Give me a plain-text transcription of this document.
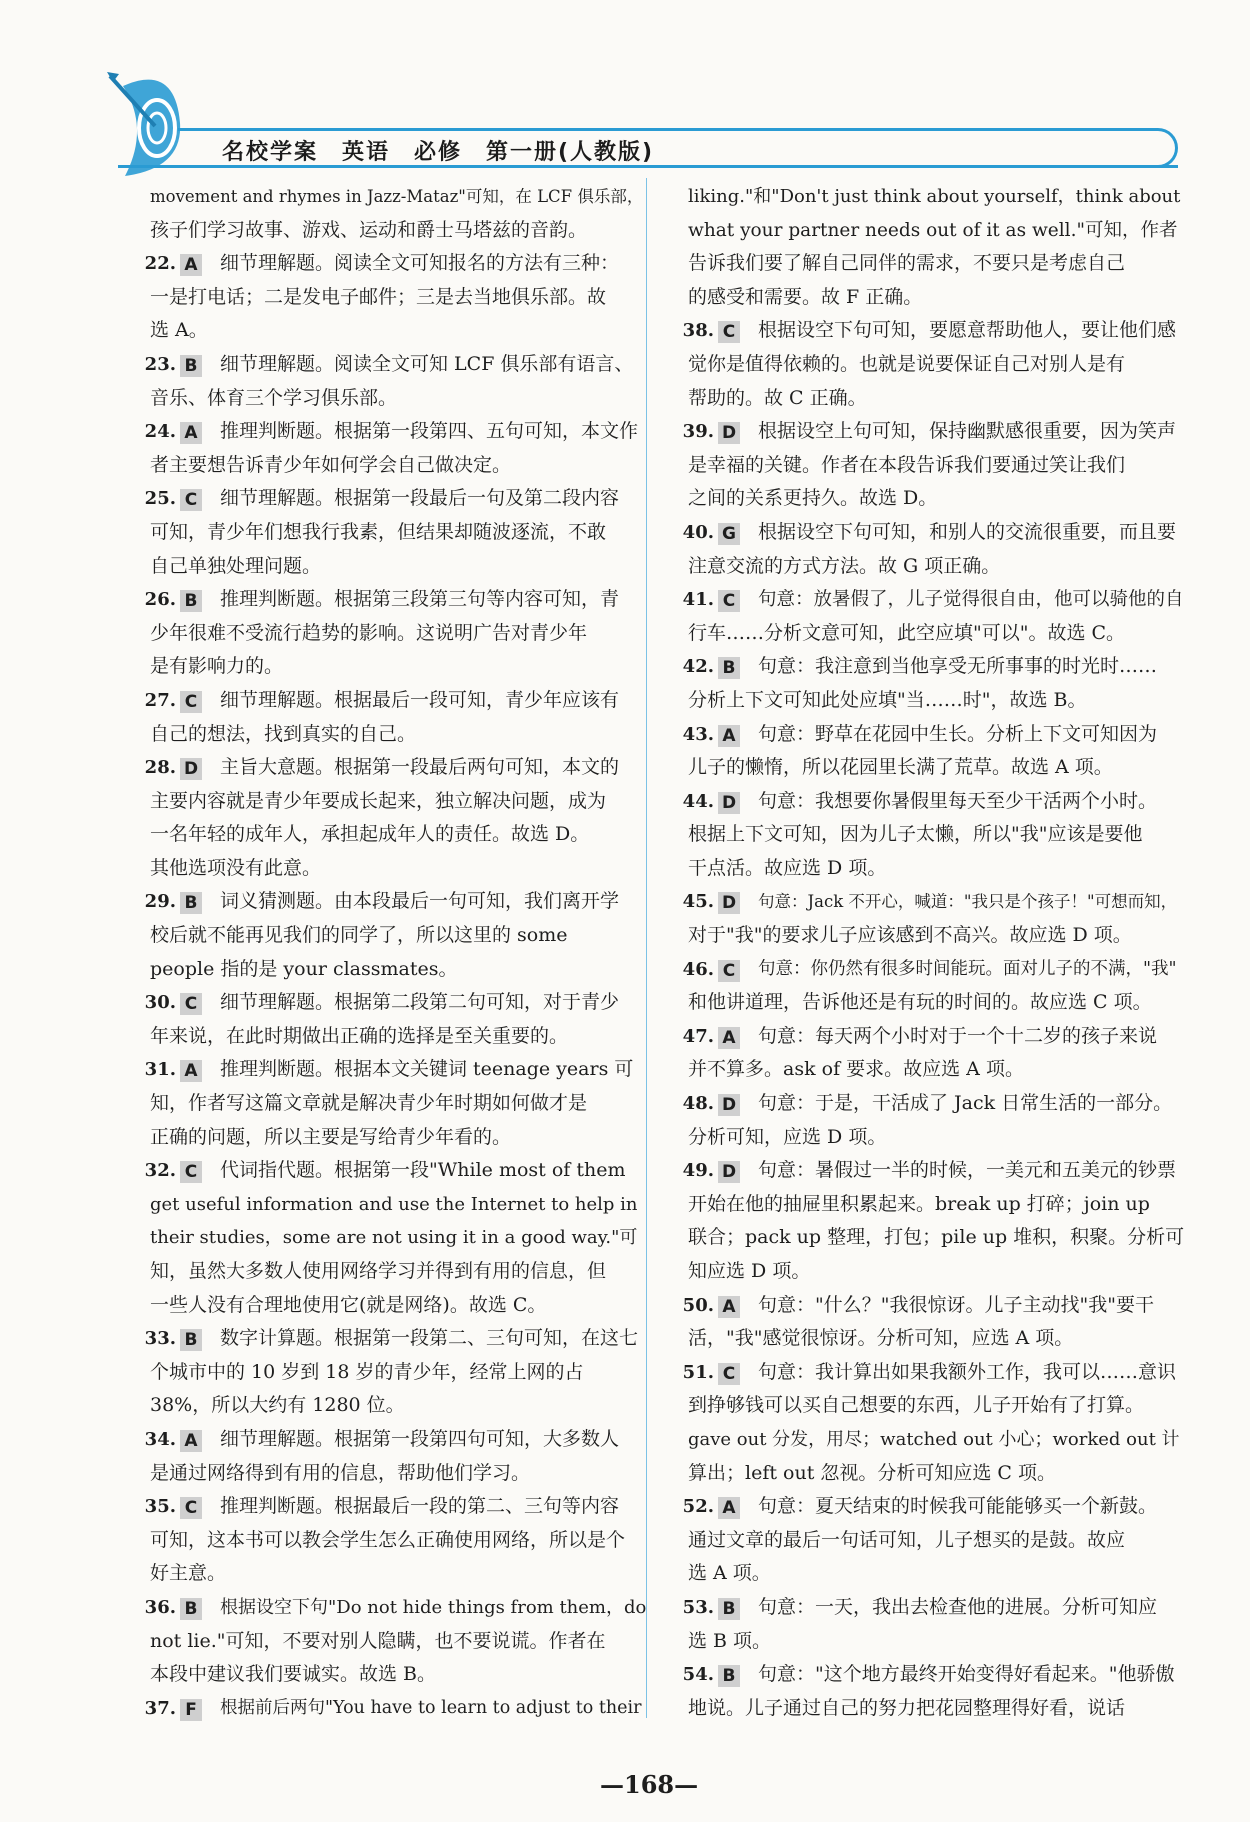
名校学案　英语　必修　第一册(人教版)
movement and rhymes in Jazz-Mataz"可知，在 LCF 俱乐部，
孩子们学习故事、游戏、运动和爵士马塔兹的音韵。
22. A	细节理解题。阅读全文可知报名的方法有三种：
一是打电话；二是发电子邮件；三是去当地俱乐部。故
选 A。
23. B	细节理解题。阅读全文可知 LCF 俱乐部有语言、
音乐、体育三个学习俱乐部。
24. A	推理判断题。根据第一段第四、五句可知，本文作
者主要想告诉青少年如何学会自己做决定。
25. C	细节理解题。根据第一段最后一句及第二段内容
可知，青少年们想我行我素，但结果却随波逐流，不敢
自己单独处理问题。
26. B	推理判断题。根据第三段第三句等内容可知，青
少年很难不受流行趋势的影响。这说明广告对青少年
是有影响力的。
27. C	细节理解题。根据最后一段可知，青少年应该有
自己的想法，找到真实的自己。
28. D	主旨大意题。根据第一段最后两句可知，本文的
主要内容就是青少年要成长起来，独立解决问题，成为
一名年轻的成年人，承担起成年人的责任。故选 D。
其他选项没有此意。
29. B	词义猜测题。由本段最后一句可知，我们离开学
校后就不能再见我们的同学了，所以这里的 some
people 指的是 your classmates。
30. C	细节理解题。根据第二段第二句可知，对于青少
年来说，在此时期做出正确的选择是至关重要的。
31. A	推理判断题。根据本文关键词 teenage years 可
知，作者写这篇文章就是解决青少年时期如何做才是
正确的问题，所以主要是写给青少年看的。
32. C	代词指代题。根据第一段"While most of them
get useful information and use the Internet to help in
their studies，some are not using it in a good way."可
知，虽然大多数人使用网络学习并得到有用的信息，但
一些人没有合理地使用它(就是网络)。故选 C。
33. B	数字计算题。根据第一段第二、三句可知，在这七
个城市中的 10 岁到 18 岁的青少年，经常上网的占
38%，所以大约有 1280 位。
34. A	细节理解题。根据第一段第四句可知，大多数人
是通过网络得到有用的信息，帮助他们学习。
35. C	推理判断题。根据最后一段的第二、三句等内容
可知，这本书可以教会学生怎么正确使用网络，所以是个
好主意。
36. B	根据设空下句"Do not hide things from them，do
not lie."可知，不要对别人隐瞒，也不要说谎。作者在
本段中建议我们要诚实。故选 B。
37. F	根据前后两句"You have to learn to adjust to their
liking."和"Don't just think about yourself，think about
what your partner needs out of it as well."可知，作者
告诉我们要了解自己同伴的需求，不要只是考虑自己
的感受和需要。故 F 正确。
38. C	根据设空下句可知，要愿意帮助他人，要让他们感
觉你是值得依赖的。也就是说要保证自己对别人是有
帮助的。故 C 正确。
39. D	根据设空上句可知，保持幽默感很重要，因为笑声
是幸福的关键。作者在本段告诉我们要通过笑让我们
之间的关系更持久。故选 D。
40. G	根据设空下句可知，和别人的交流很重要，而且要
注意交流的方式方法。故 G 项正确。
41. C	句意：放暑假了，儿子觉得很自由，他可以骑他的自
行车……分析文意可知，此空应填"可以"。故选 C。
42. B	句意：我注意到当他享受无所事事的时光时……
分析上下文可知此处应填"当……时"，故选 B。
43. A	句意：野草在花园中生长。分析上下文可知因为
儿子的懒惰，所以花园里长满了荒草。故选 A 项。
44. D	句意：我想要你暑假里每天至少干活两个小时。
根据上下文可知，因为儿子太懒，所以"我"应该是要他
干点活。故应选 D 项。
45. D	句意：Jack 不开心，喊道："我只是个孩子！"可想而知，
对于"我"的要求儿子应该感到不高兴。故应选 D 项。
46. C	句意：你仍然有很多时间能玩。面对儿子的不满，"我"
和他讲道理，告诉他还是有玩的时间的。故应选 C 项。
47. A	句意：每天两个小时对于一个十二岁的孩子来说
并不算多。ask of 要求。故应选 A 项。
48. D	句意：于是，干活成了 Jack 日常生活的一部分。
分析可知，应选 D 项。
49. D	句意：暑假过一半的时候，一美元和五美元的钞票
开始在他的抽屉里积累起来。break up 打碎；join up
联合；pack up 整理，打包；pile up 堆积，积聚。分析可
知应选 D 项。
50. A	句意："什么？"我很惊讶。儿子主动找"我"要干
活，"我"感觉很惊讶。分析可知，应选 A 项。
51. C	句意：我计算出如果我额外工作，我可以……意识
到挣够钱可以买自己想要的东西，儿子开始有了打算。
gave out 分发，用尽；watched out 小心；worked out 计
算出；left out 忽视。分析可知应选 C 项。
52. A	句意：夏天结束的时候我可能能够买一个新鼓。
通过文章的最后一句话可知，儿子想买的是鼓。故应
选 A 项。
53. B	句意：一天，我出去检查他的进展。分析可知应
选 B 项。
54. B	句意："这个地方最终开始变得好看起来。"他骄傲
地说。儿子通过自己的努力把花园整理得好看，说话
—168—
